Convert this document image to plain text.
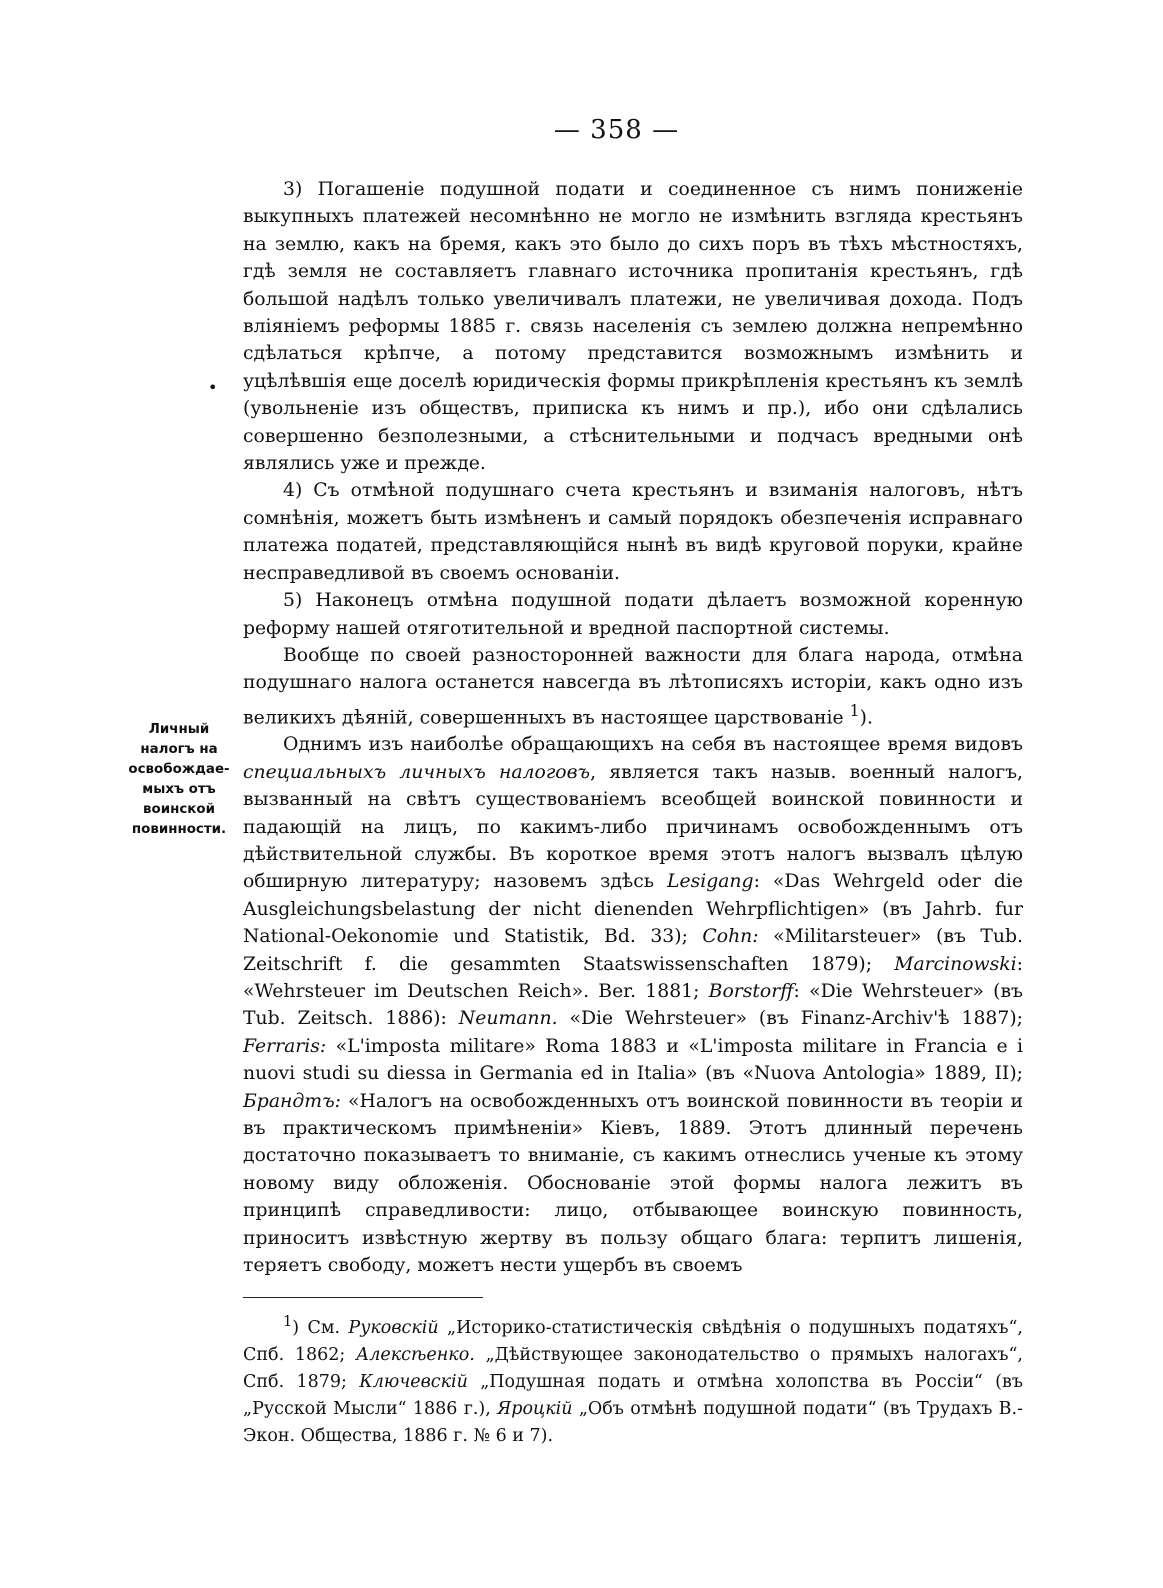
— 358 —
•

3) Погашеніе подушной подати и соединенное съ нимъ пониженіе выкупныхъ платежей несомнѣнно не могло не измѣнить взгляда крестьянъ на землю, какъ на бремя, какъ это было до сихъ поръ въ тѣхъ мѣстностяхъ, гдѣ земля не составляетъ главнаго источника пропитанія крестьянъ, гдѣ большой надѣлъ только увеличивалъ платежи, не увеличивая дохода. Подъ вліяніемъ реформы 1885 г. связь населенія съ землею должна непремѣнно сдѣлаться крѣпче, а потому представится возможнымъ измѣнить и уцѣлѣвшія еще доселѣ юридическія формы прикрѣпленія крестьянъ къ землѣ (увольненіе изъ обществъ, приписка къ нимъ и пр.), ибо они сдѣлались совершенно безполезными, а стѣснительными и подчасъ вредными онѣ являлись уже и прежде.

4) Съ отмѣной подушнаго счета крестьянъ и взиманія налоговъ, нѣтъ сомнѣнія, можетъ быть измѣненъ и самый порядокъ обезпеченія исправнаго платежа податей, представляющійся нынѣ въ видѣ круговой поруки, крайне несправедливой въ своемъ основаніи.

5) Наконецъ отмѣна подушной подати дѣлаетъ возможной коренную реформу нашей отяготительной и вредной паспортной системы.

Вообще по своей разносторонней важности для блага народа, отмѣна подушнаго налога останется навсегда въ лѣтописяхъ исторіи, какъ одно изъ великихъ дѣяній, совершенныхъ въ настоящее царствованіе $^1$).

Однимъ изъ наиболѣе обращающихъ на себя въ настоящее время видовъ специальныхъ личныхъ налоговъ, является такъ назыв. военный налогъ, вызванный на свѣтъ существованіемъ всеобщей воинской повинности и падающій на лицъ, по какимъ-либо причинамъ освобожденнымъ отъ дѣйствительной службы. Въ короткое время этотъ налогъ вызвалъ цѣлую обширную литературу; назовемъ здѣсь Lesigang: «Das Wehrgeld oder die Ausgleichungsbelastung der nicht dienenden Wehrpflichtigen» (въ Jahrb. fur National-Oekonomie und Statistik, Bd. 33); Cohn: «Militarsteuer» (въ Tub. Zeitschrift f. die gesammten Staatswissenschaften 1879); Marcinowski: «Wehrsteuer im Deutschen Reich». Ber. 1881; Borstorff: «Die Wehrsteuer» (въ Tub. Zeitsch. 1886): Neumann. «Die Wehrsteuer» (въ Finanz-Archiv'ѣ 1887); Ferraris: «L'imposta militare» Roma 1883 и «L'imposta militare in Francia e i nuovi studi su diessa in Germania ed in Italia» (въ «Nuova Antologia» 1889, II); Брандтъ: «Налогъ на освобожденныхъ отъ воинской повинности въ теоріи и въ практическомъ примѣненіи» Кіевъ, 1889. Этотъ длинный перечень достаточно показываетъ то вниманіе, съ какимъ отнеслись ученые къ этому новому виду обложенія. Обоснованіе этой формы налога лежитъ въ принципѣ справедливости: лицо, отбывающее воинскую повинность, приноситъ извѣстную жертву въ пользу общаго блага: терпитъ лишенія, теряетъ свободу, можетъ нести ущербъ въ своемъ

Личный
налогъ на
освобождае-
мыхъ отъ
воинской
повинности.

$^1$) См. Руковскій „Историко-статистическія свѣдѣнія о подушныхъ податяхъ“, Спб. 1862; Алексѣенко. „Дѣйствующее законодательство о прямыхъ налогахъ“, Спб. 1879; Ключевскій „Подушная подать и отмѣна холопства въ Россіи“ (въ „Русской Мысли“ 1886 г.), Яроцкій „Объ отмѣнѣ подушной подати“ (въ Трудахъ В.-Экон. Общества, 1886 г. № 6 и 7).
